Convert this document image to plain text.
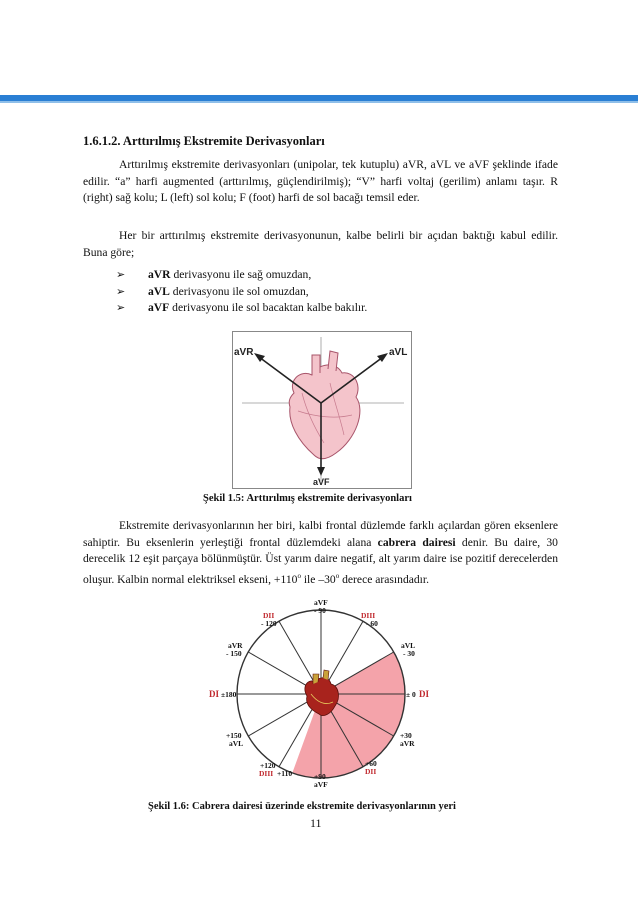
1.6.1.2. Arttırılmış Ekstremite Derivasyonları
Arttırılmış ekstremite derivasyonları (unipolar, tek kutuplu) aVR, aVL ve aVF şeklinde ifade edilir. “a” harfi augmented (arttırılmış, güçlendirilmiş); “V” harfi voltaj (gerilim) anlamı taşır. R (right) sağ kolu; L (left) sol kolu; F (foot) harfi de sol bacağı temsil eder.
Her bir arttırılmış ekstremite derivasyonunun, kalbe belirli bir açıdan baktığı kabul edilir. Buna göre;
➢ aVR derivasyonu ile sağ omuzdan,
➢ aVL derivasyonu ile sol omuzdan,
➢ aVF derivasyonu ile sol bacaktan kalbe bakılır.
aVR	aVL
aVF
Şekil 1.5: Arttırılmış ekstremite derivasyonları
Ekstremite derivasyonlarının her biri, kalbi frontal düzlemde farklı açılardan gören eksenlere sahiptir. Bu eksenlerin yerleştiği frontal düzlemdeki alana cabrera dairesi denir. Bu daire, 30 derecelik 12 eşit parçaya bölünmüştür. Üst yarım daire negatif, alt yarım daire ise pozitif derecelerden oluşur. Kalbin normal elektriksel ekseni, $+110^o$ ile –30$^o$ derece arasındadır.
aVF
- 90
DII
- 120
DIII
- 60
aVR
- 150
aVL
- 30
DI ±180	± 0 DI
+150
aVL
+30
aVR
+120
DIII +110	+90
aVF
+60
DII
Şekil 1.6: Cabrera dairesi üzerinde ekstremite derivasyonlarının yeri
11
